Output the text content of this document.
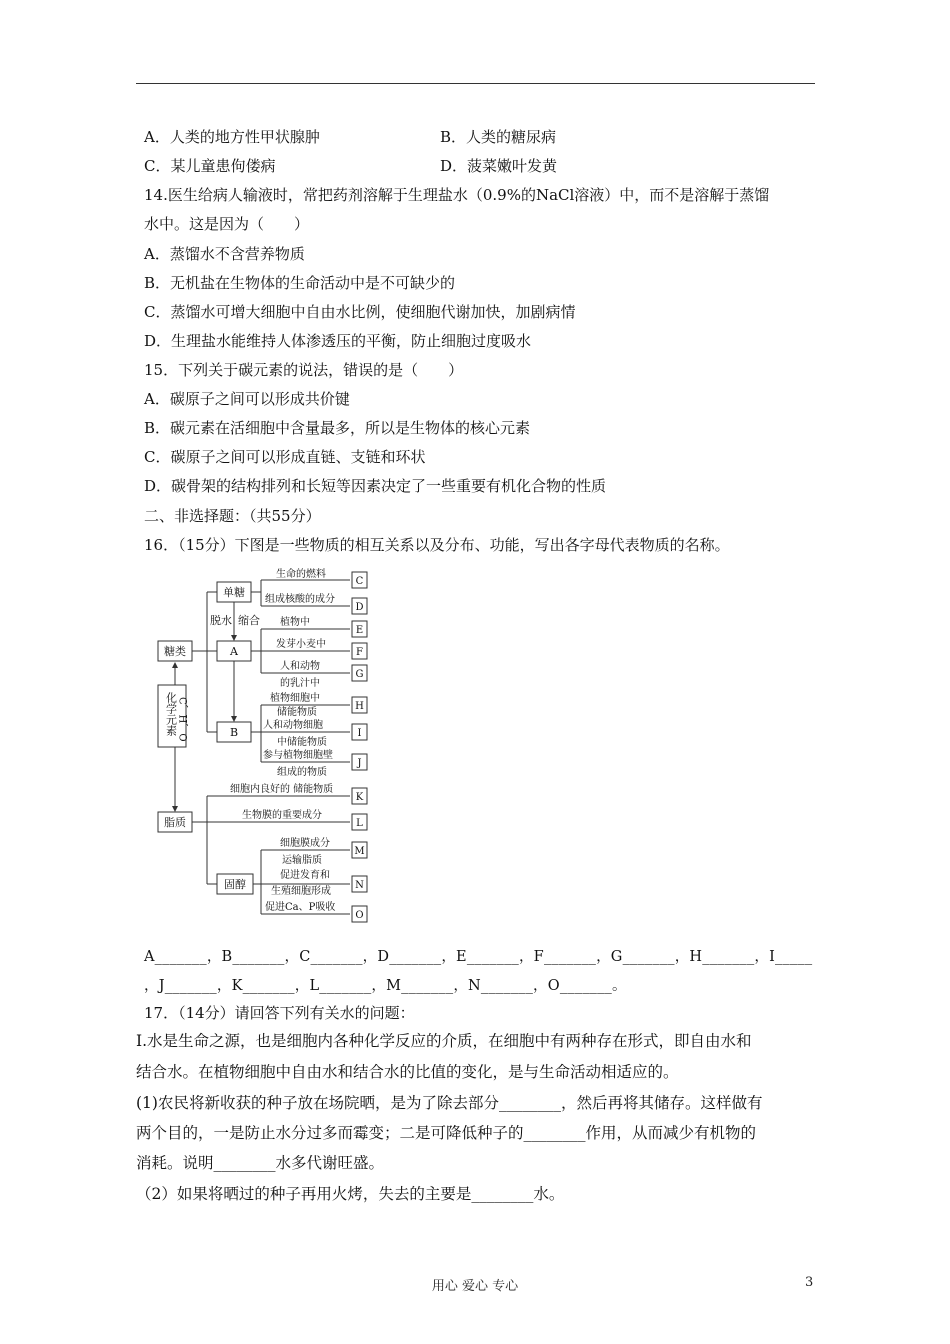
A．人类的地方性甲状腺肿	B．人类的糖尿病
C．某儿童患佝偻病	D．菠菜嫩叶发黄
14.医生给病人输液时，常把药剂溶解于生理盐水（0.9%的NaCl溶液）中，而不是溶解于蒸馏
水中。这是因为（　　）
A．蒸馏水不含营养物质
B．无机盐在生物体的生命活动中是不可缺少的
C．蒸馏水可增大细胞中自由水比例，使细胞代谢加快，加剧病情
D．生理盐水能维持人体渗透压的平衡，防止细胞过度吸水
15．下列关于碳元素的说法，错误的是（　　）
A．碳原子之间可以形成共价键
B．碳元素在活细胞中含量最多，所以是生物体的核心元素
C．碳原子之间可以形成直链、支链和环状
D．碳骨架的结构排列和长短等因素决定了一些重要有机化合物的性质
二、非选择题：（共55分）
16．（15分）下图是一些物质的相互关系以及分布、功能，写出各字母代表物质的名称。
C、H、O
化学元素
糖类
脂质
单糖
A
B
固醇
脱水 缩合
生命的燃料
组成核酸的成分
植物中
发芽小麦中
人和动物
的乳汁中
植物细胞中
储能物质
人和动物细胞
中储能物质
参与植物细胞壁
组成的物质
细胞内良好的 储能物质
生物膜的重要成分
细胞膜成分
运输脂质
促进发育和
生殖细胞形成
促进Ca、P吸收
C
D
E
F
G
H
I
J
K
L
M
N
O
A_______，B_______，C_______，D_______，E_______，F_______，G_______，H_______，I_____
，J_______，K_______，L_______，M_______，N_______，O_______。
17．（14分）请回答下列有关水的问题：
Ⅰ.水是生命之源，也是细胞内各种化学反应的介质，在细胞中有两种存在形式，即自由水和
结合水。在植物细胞中自由水和结合水的比值的变化，是与生命活动相适应的。
(1)农民将新收获的种子放在场院晒，是为了除去部分________，然后再将其储存。这样做有
两个目的，一是防止水分过多而霉变；二是可降低种子的________作用，从而减少有机物的
消耗。说明________水多代谢旺盛。
（2）如果将晒过的种子再用火烤，失去的主要是________水。
用心 爱心 专心	3
